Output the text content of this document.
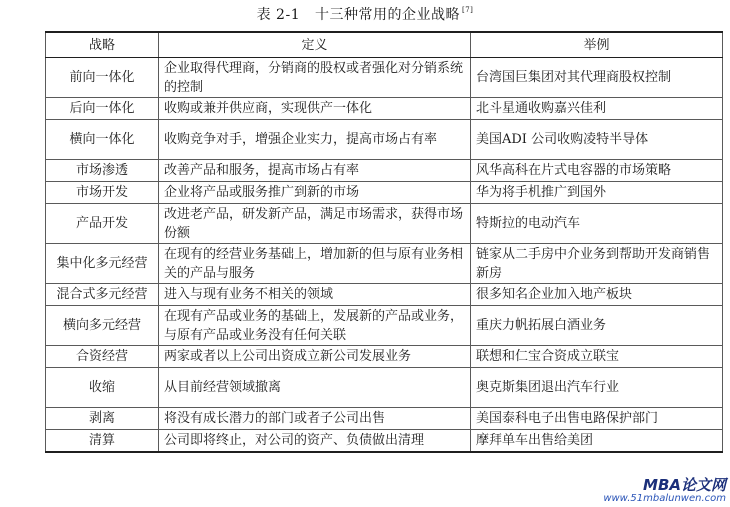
表 2-1 十三种常用的企业战略 [7]
战略	定义	举例
前向一体化	企业取得代理商，分销商的股权或者强化对分销系统的控制	台湾国巨集团对其代理商股权控制
后向一体化	收购或兼并供应商，实现供产一体化	北斗星通收购嘉兴佳利
横向一体化	收购竞争对手，增强企业实力，提高市场占有率	美国ADI 公司收购凌特半导体
市场渗透	改善产品和服务，提高市场占有率	风华高科在片式电容器的市场策略
市场开发	企业将产品或服务推广到新的市场	华为将手机推广到国外
产品开发	改进老产品，研发新产品，满足市场需求，获得市场份额	特斯拉的电动汽车
集中化多元经营	在现有的经营业务基础上，增加新的但与原有业务相关的产品与服务	链家从二手房中介业务到帮助开发商销售新房
混合式多元经营	进入与现有业务不相关的领域	很多知名企业加入地产板块
横向多元经营	在现有产品或业务的基础上，发展新的产品或业务，与原有产品或业务没有任何关联	重庆力帆拓展白酒业务
合资经营	两家或者以上公司出资成立新公司发展业务	联想和仁宝合资成立联宝
收缩	从目前经营领域撤离	奥克斯集团退出汽车行业
剥离	将没有成长潜力的部门或者子公司出售	美国泰科电子出售电路保护部门
清算	公司即将终止，对公司的资产、负债做出清理	摩拜单车出售给美团
MBA论文网
www.51mbalunwen.com
